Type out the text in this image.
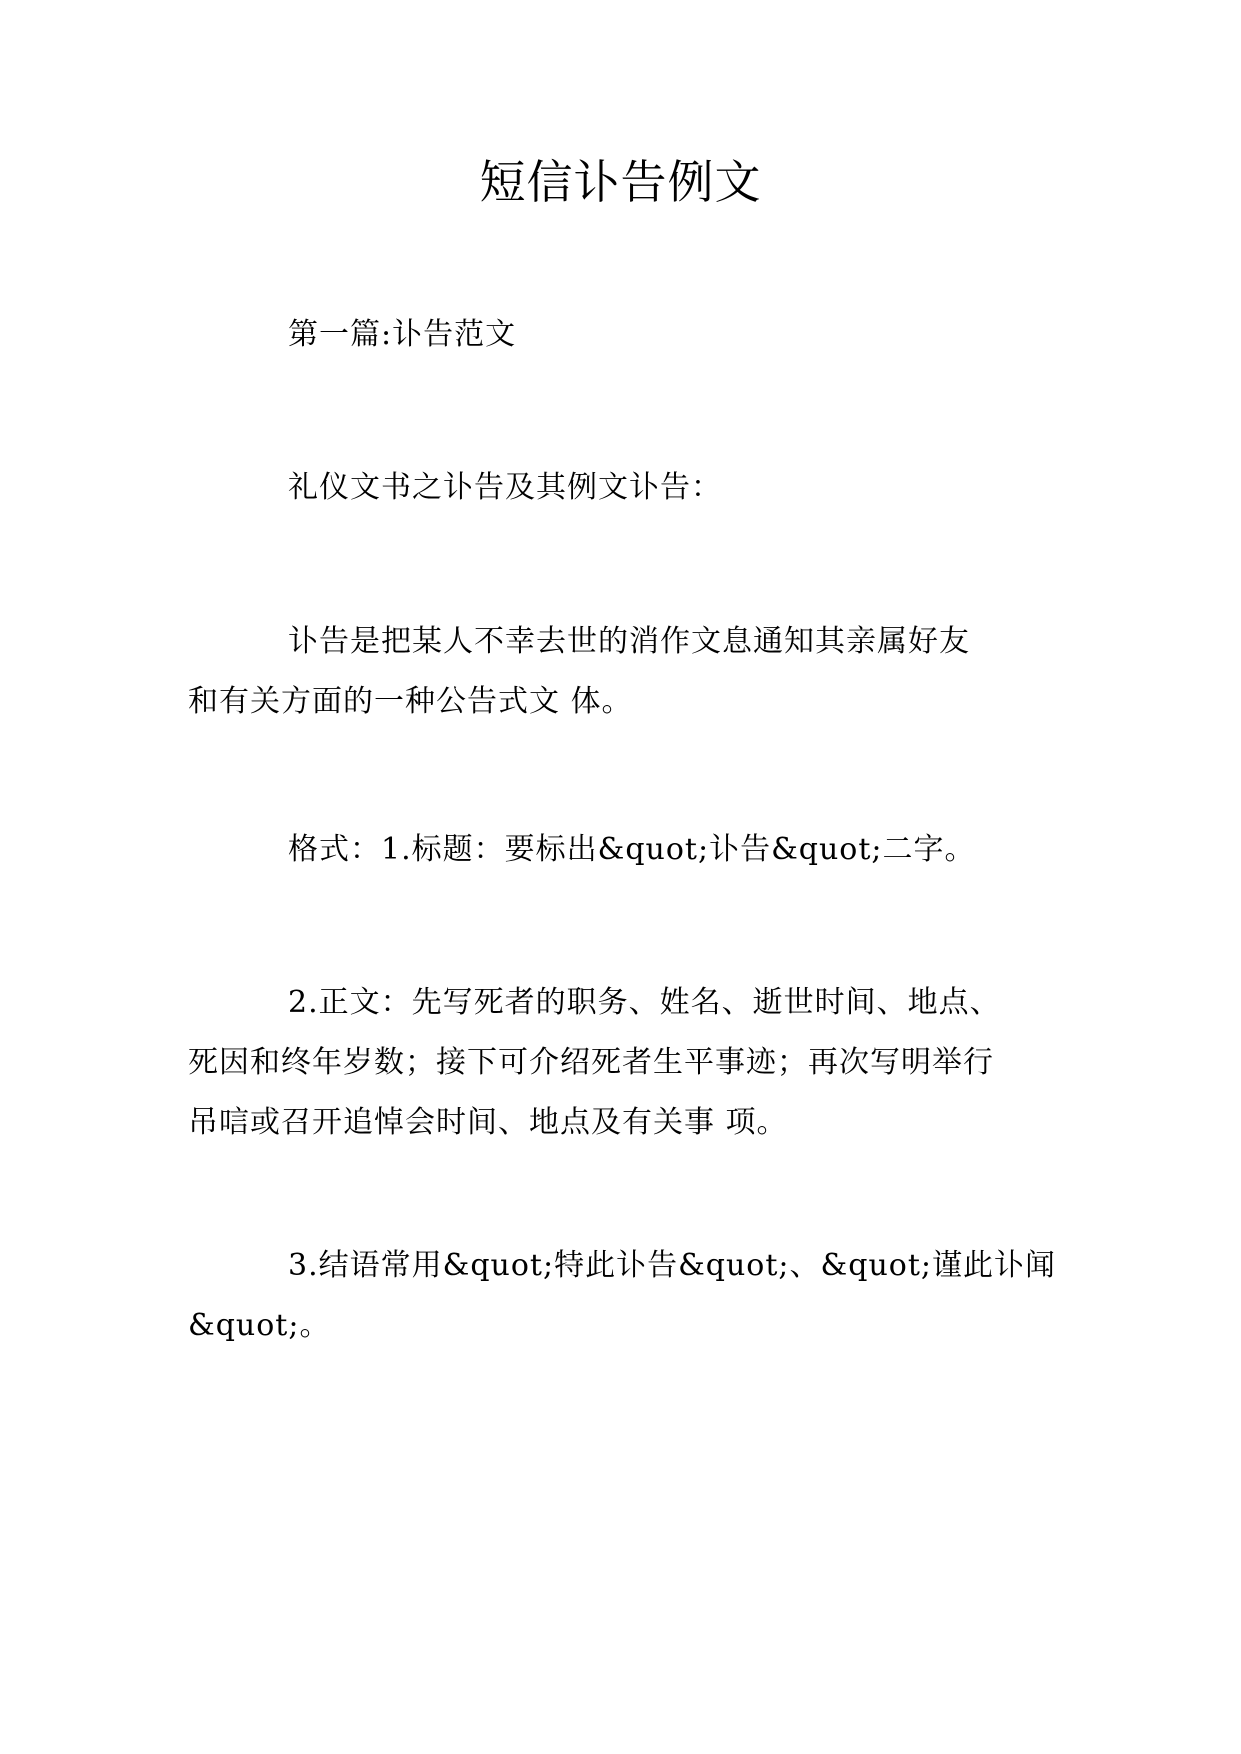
短信讣告例文

第一篇:讣告范文

礼仪文书之讣告及其例文讣告：

讣告是把某人不幸去世的消作文息通知其亲属好友
和有关方面的一种公告式文 体。

格式：1.标题：要标出&quot;讣告&quot;二字。

2.正文：先写死者的职务、姓名、逝世时间、地点、
死因和终年岁数；接下可介绍死者生平事迹；再次写明举行
吊唁或召开追悼会时间、地点及有关事 项。

3.结语常用&quot;特此讣告&quot;、&quot;谨此讣闻
&quot;。
